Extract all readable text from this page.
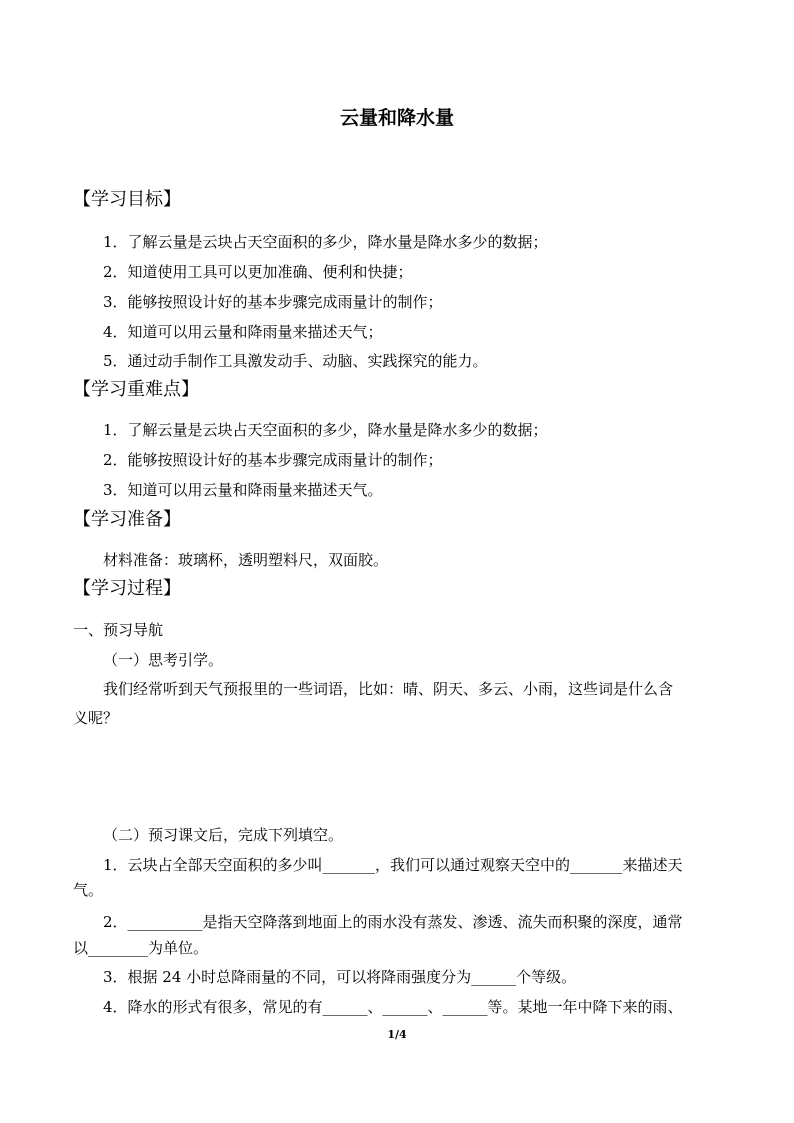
云量和降水量
【学习目标】
1．了解云量是云块占天空面积的多少，降水量是降水多少的数据；
2．知道使用工具可以更加准确、便利和快捷；
3．能够按照设计好的基本步骤完成雨量计的制作；
4．知道可以用云量和降雨量来描述天气；
5．通过动手制作工具激发动手、动脑、实践探究的能力。
【学习重难点】
1．了解云量是云块占天空面积的多少，降水量是降水多少的数据；
2．能够按照设计好的基本步骤完成雨量计的制作；
3．知道可以用云量和降雨量来描述天气。
【学习准备】
材料准备：玻璃杯，透明塑料尺，双面胶。
【学习过程】
一、预习导航
（一）思考引学。
我们经常听到天气预报里的一些词语，比如：晴、阴天、多云、小雨，这些词是什么含
义呢？
（二）预习课文后，完成下列填空。
1．云块占全部天空面积的多少叫_______，我们可以通过观察天空中的_______来描述天
气。
2．__________是指天空降落到地面上的雨水没有蒸发、渗透、流失而积聚的深度，通常
以________为单位。
3．根据 24 小时总降雨量的不同，可以将降雨强度分为______个等级。
4．降水的形式有很多，常见的有______、______、______等。某地一年中降下来的雨、
1/4
